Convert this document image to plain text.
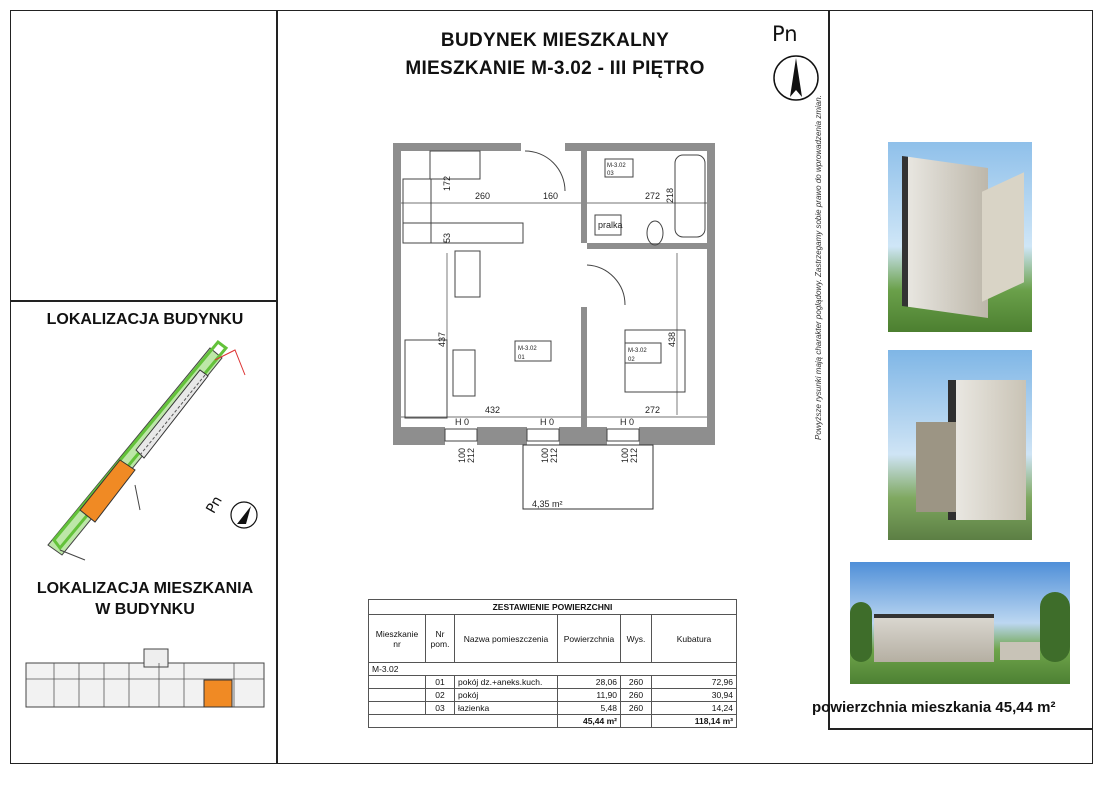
BUDYNEK MIESZKALNY
MIESZKANIE M-3.02 - III PIĘTRO
Pn
LOKALIZACJA BUDYNKU
LOKALIZACJA MIESZKANIA
W BUDYNKU
Pn
pralka
172
260	160	272 218
53
437	438
432	272
H 0	H 0	H 0
100 212	100 212	100 212
4,35 m²
M-3.02
01
M-3.02
02
M-3.02
03
ZESTAWIENIE POWIERZCHNI					
Mieszkanie nr	Nr pom.	Nazwa pomieszczenia	Powierzchnia	Wys.	Kubatura
M-3.02					
	01	pokój dz.+aneks.kuch.	28,06	260	72,96
	02	pokój	11,90	260	30,94
	03	łazienka	5,48	260	14,24
			45,44 m²		118,14 m³
Powyższe rysunki mają charakter poglądowy. Zastrzegamy sobie prawo do wprowadzenia zmian.
powierzchnia mieszkania 45,44 m²
